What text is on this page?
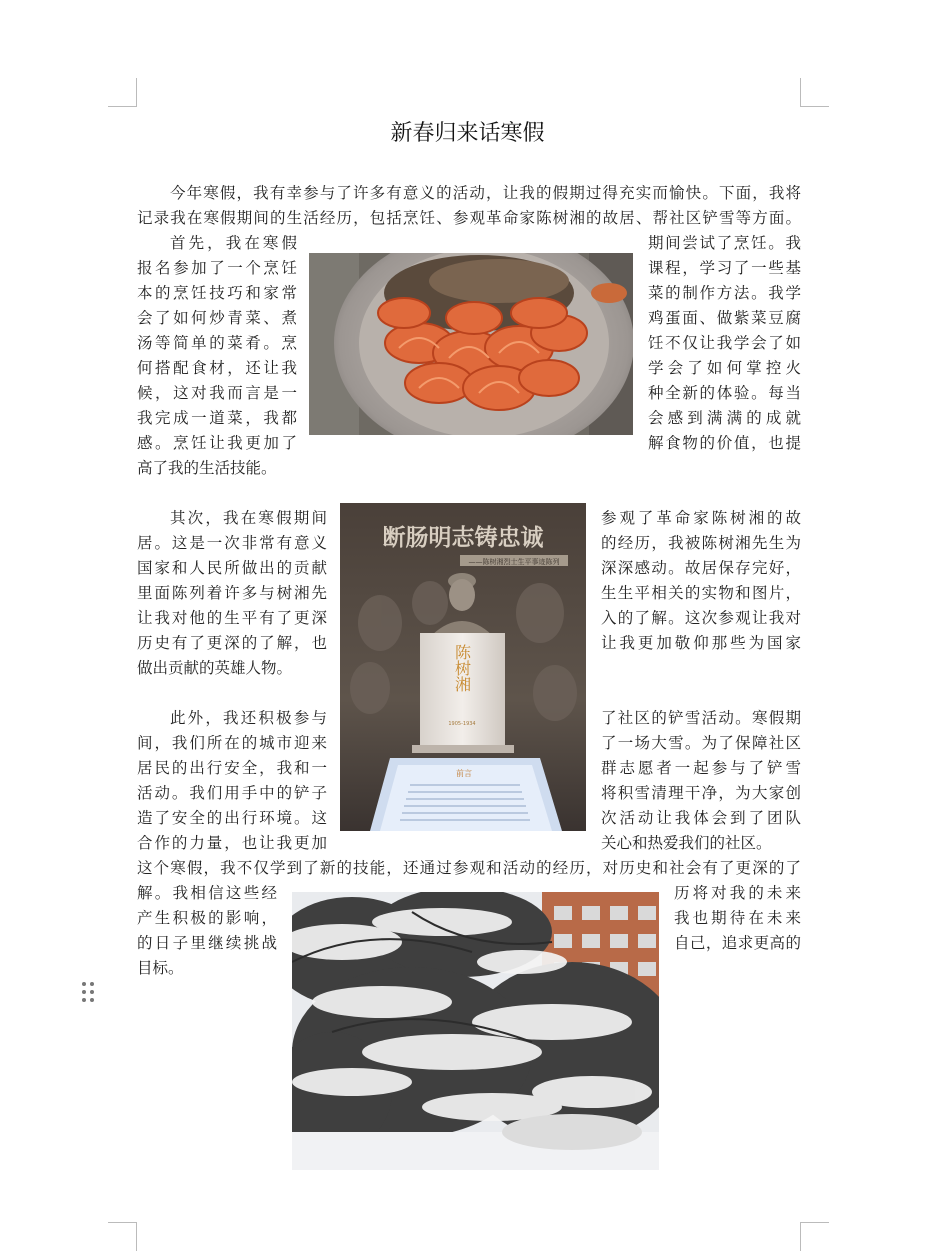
新春归来话寒假
今年寒假，我有幸参与了许多有意义的活动，让我的假期过得充实而愉快。下面，我将
记录我在寒假期间的生活经历，包括烹饪、参观革命家陈树湘的故居、帮社区铲雪等方面。
首先，我在寒假
报名参加了一个烹饪
本的烹饪技巧和家常
会了如何炒青菜、煮
汤等简单的菜肴。烹
何搭配食材，还让我
候，这对我而言是一
我完成一道菜，我都
感。烹饪让我更加了
期间尝试了烹饪。我
课程，学习了一些基
菜的制作方法。我学
鸡蛋面、做紫菜豆腐
饪不仅让我学会了如
学会了如何掌控火
种全新的体验。每当
会感到满满的成就
解食物的价值，也提
高了我的生活技能。
断肠明志铸忠诚
——陈树湘烈士生平事迹陈列
陈树湘
1905-1934
前言
其次，我在寒假期间
居。这是一次非常有意义
国家和人民所做出的贡献
里面陈列着许多与树湘先
让我对他的生平有了更深
历史有了更深的了解，也
做出贡献的英雄人物。
参观了革命家陈树湘的故
的经历，我被陈树湘先生为
深深感动。故居保存完好，
生生平相关的实物和图片，
入的了解。这次参观让我对
让我更加敬仰那些为国家
此外，我还积极参与
间，我们所在的城市迎来
居民的出行安全，我和一
活动。我们用手中的铲子
造了安全的出行环境。这
合作的力量，也让我更加
了社区的铲雪活动。寒假期
了一场大雪。为了保障社区
群志愿者一起参与了铲雪
将积雪清理干净，为大家创
次活动让我体会到了团队
关心和热爱我们的社区。
这个寒假，我不仅学到了新的技能，还通过参观和活动的经历，对历史和社会有了更深的了
解。我相信这些经
产生积极的影响，
的日子里继续挑战
历将对我的未来
我也期待在未来
自己，追求更高的
目标。
